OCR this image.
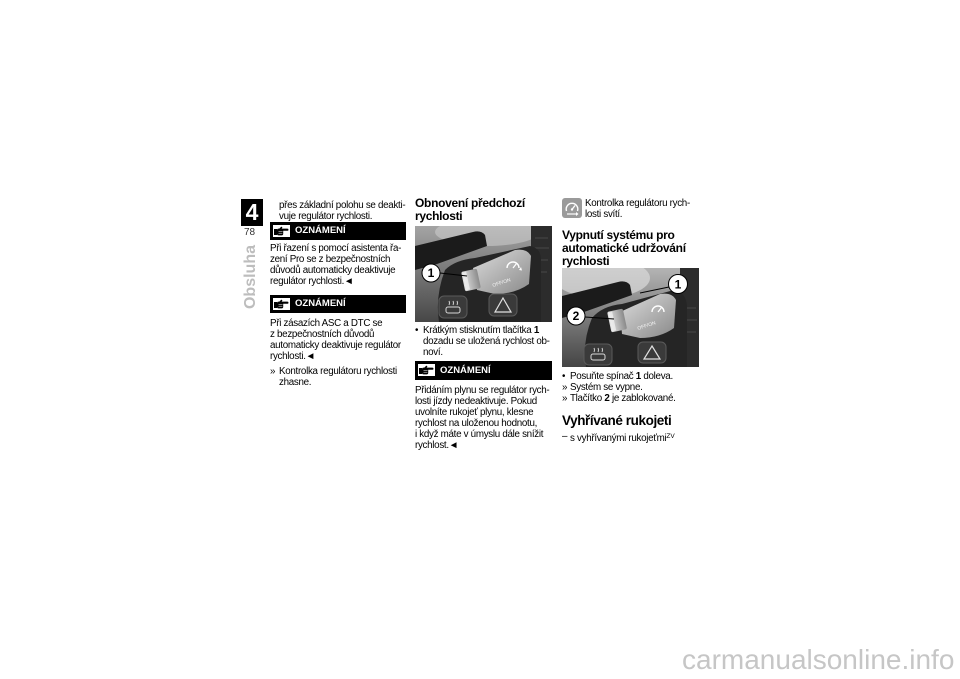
4
78
Obsluha
přes základní polohu se deakti-
vuje regulátor rychlosti.
OZNÁMENÍ
Při řazení s pomocí asistenta řa-
zení Pro se z bezpečnostních
důvodů automaticky deaktivuje
regulátor rychlosti.◄
OZNÁMENÍ
Při zásazích ASC a DTC se
z bezpečnostních důvodů
automaticky deaktivuje regulátor
rychlosti.◄
» Kontrolka regulátoru rychlosti
zhasne.
Obnovení předchozí
rychlosti
OFF/ON
1
• Krátkým stisknutím tlačítka 1
dozadu se uložená rychlost ob-
noví.
OZNÁMENÍ
Přidáním plynu se regulátor rych-
losti jízdy nedeaktivuje. Pokud
uvolníte rukojeť plynu, klesne
rychlost na uloženou hodnotu,
i když máte v úmyslu dále snížit
rychlost.◄
Kontrolka regulátoru rych-
losti svítí.
Vypnutí systému pro
automatické udržování
rychlosti
OFF/ON
1
2
• Posuňte spínač 1 doleva.
» Systém se vypne.
» Tlačítko 2 je zablokované.
Vyhřívané rukojeti
– s vyhřívanými rukojeťmi$^{ZV}$
carmanualsonline.info
